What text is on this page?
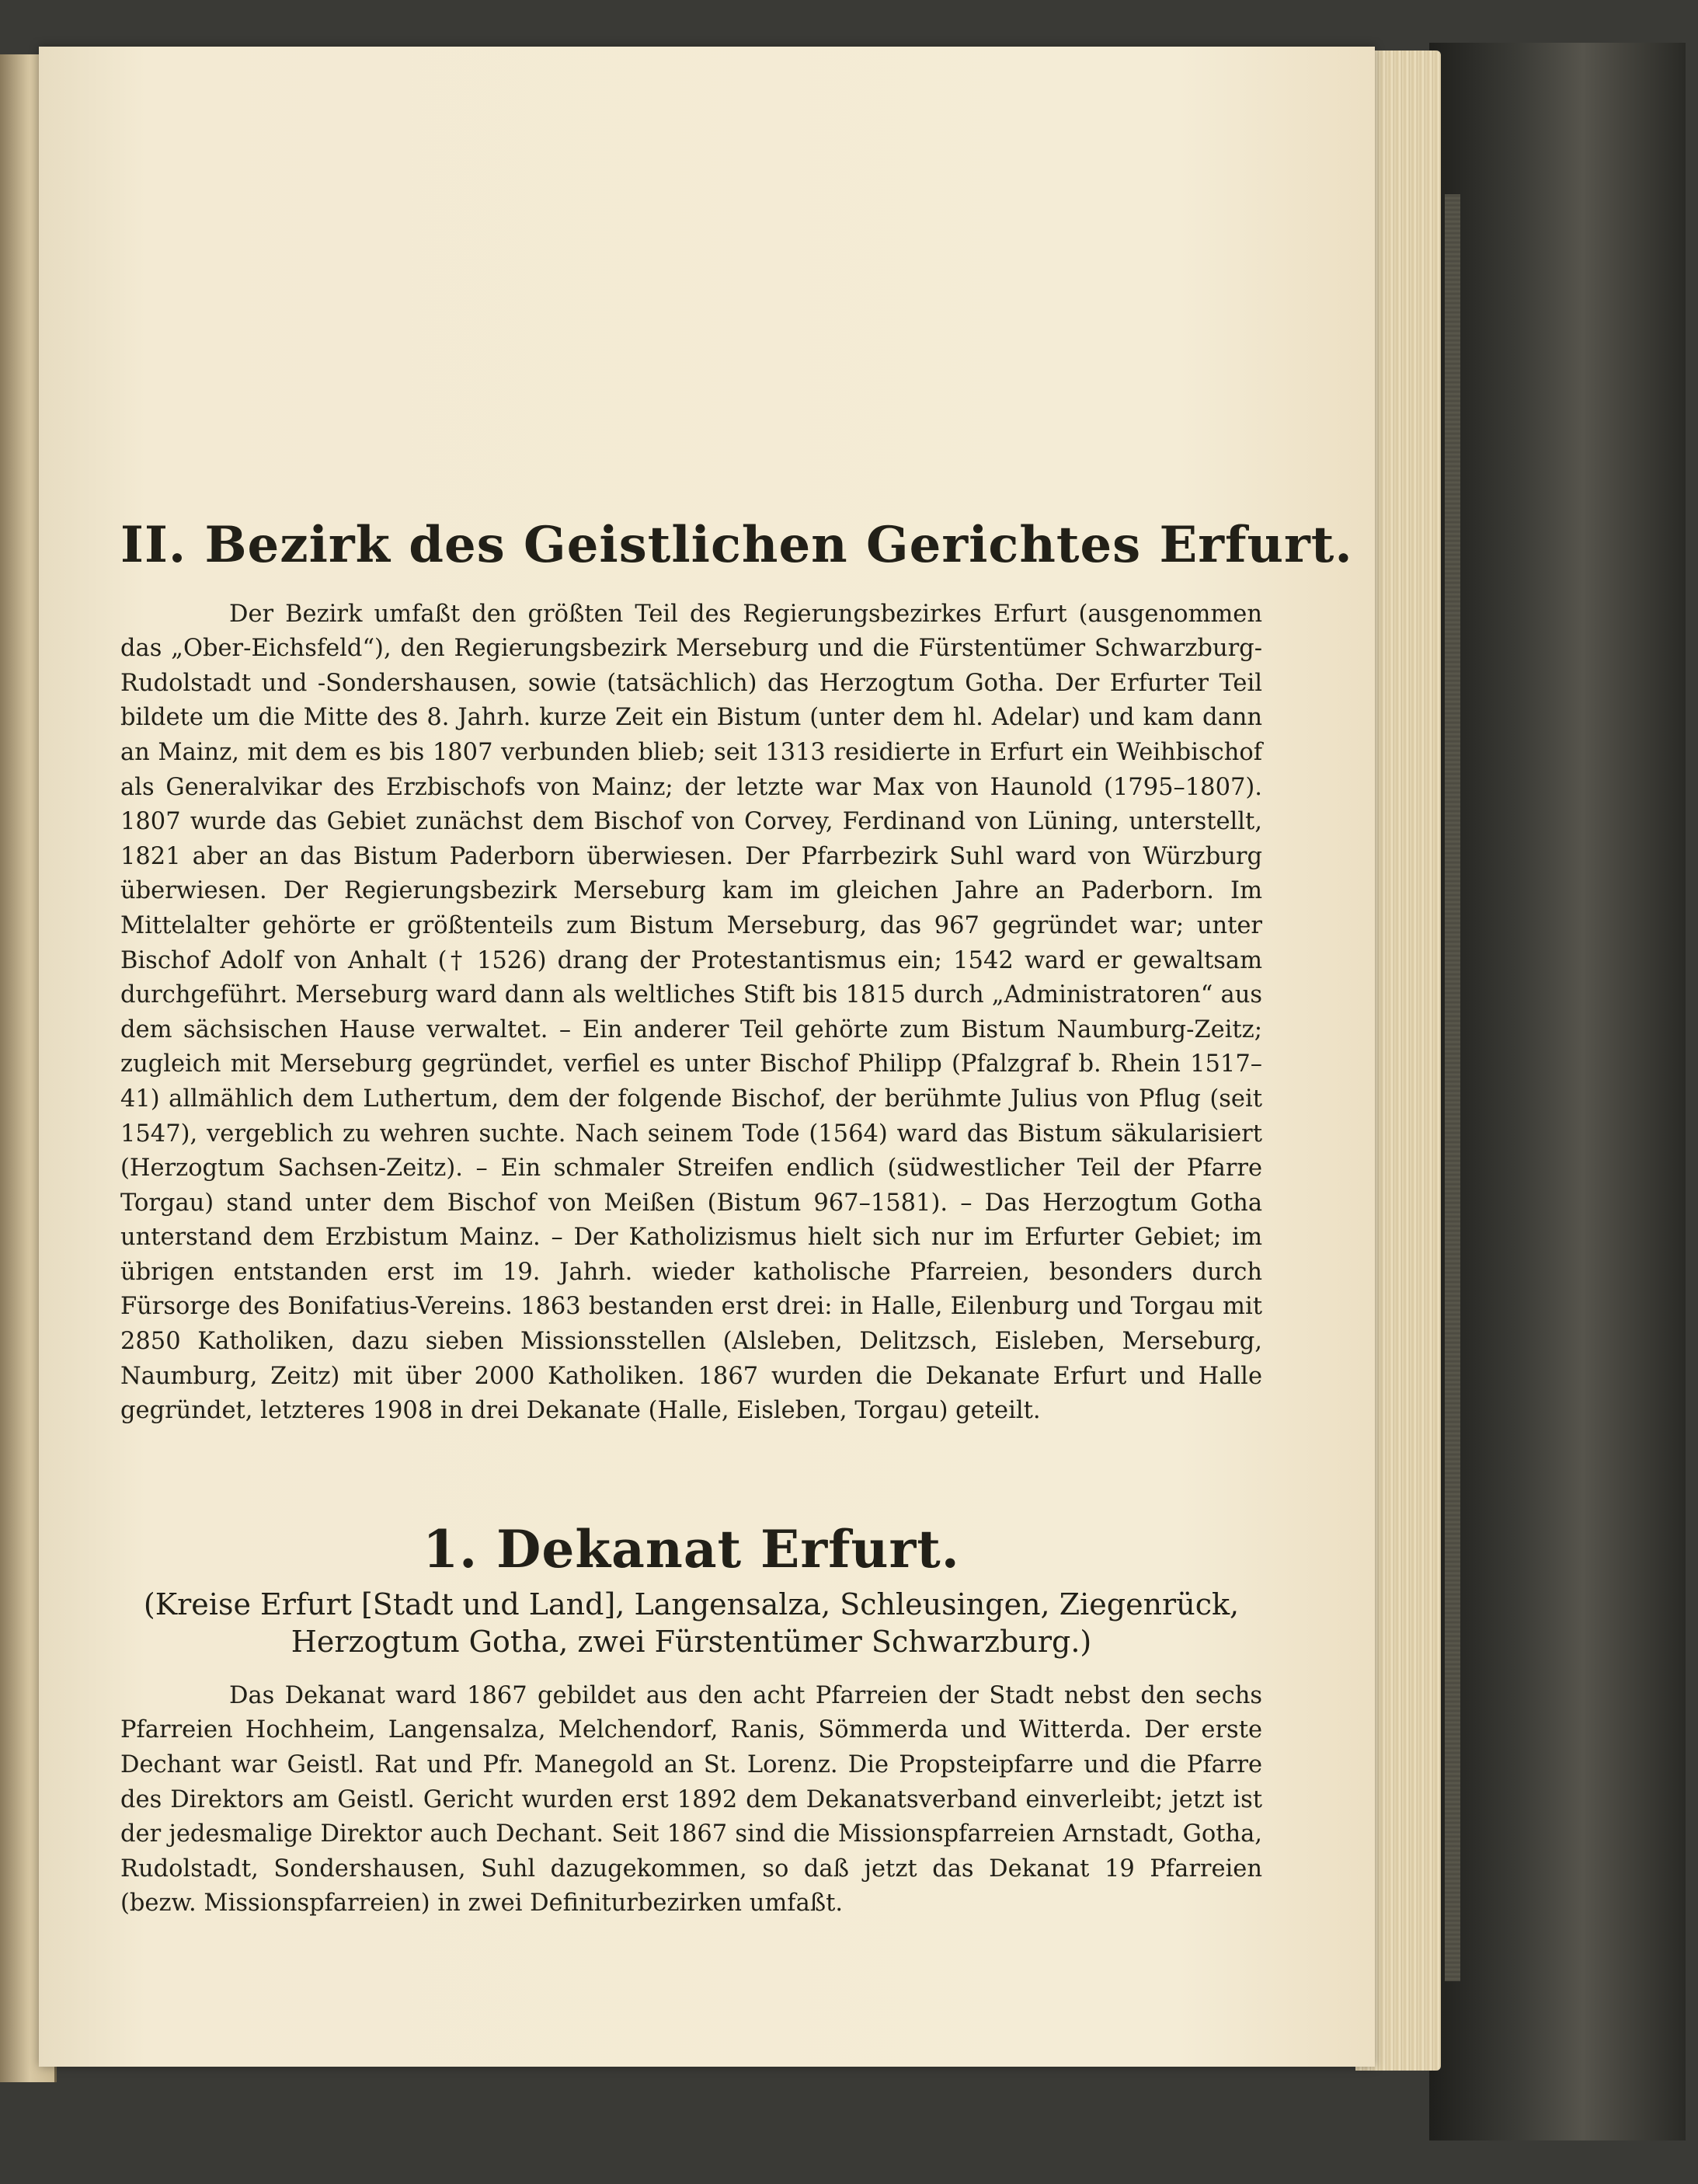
II. Bezirk des Geistlichen Gerichtes Erfurt.

Der Bezirk umfaßt den größten Teil des Regierungsbezirkes Erfurt (ausgenommen das „Ober-Eichsfeld“), den Regierungsbezirk Merseburg und die Fürstentümer Schwarzburg-Rudolstadt und -Sondershausen, sowie (tatsächlich) das Herzogtum Gotha. Der Erfurter Teil bildete um die Mitte des 8. Jahrh. kurze Zeit ein Bistum (unter dem hl. Adelar) und kam dann an Mainz, mit dem es bis 1807 verbunden blieb; seit 1313 residierte in Erfurt ein Weihbischof als Generalvikar des Erzbischofs von Mainz; der letzte war Max von Haunold (1795–1807). 1807 wurde das Gebiet zunächst dem Bischof von Corvey, Ferdinand von Lüning, unterstellt, 1821 aber an das Bistum Paderborn überwiesen. Der Pfarrbezirk Suhl ward von Würzburg überwiesen. Der Regierungsbezirk Merseburg kam im gleichen Jahre an Paderborn. Im Mittelalter gehörte er größtenteils zum Bistum Merseburg, das 967 gegründet war; unter Bischof Adolf von Anhalt († 1526) drang der Protestantismus ein; 1542 ward er gewaltsam durchgeführt. Merseburg ward dann als weltliches Stift bis 1815 durch „Administratoren“ aus dem sächsischen Hause verwaltet. – Ein anderer Teil gehörte zum Bistum Naumburg-Zeitz; zugleich mit Merseburg gegründet, verfiel es unter Bischof Philipp (Pfalzgraf b. Rhein 1517–41) allmählich dem Luthertum, dem der folgende Bischof, der berühmte Julius von Pflug (seit 1547), vergeblich zu wehren suchte. Nach seinem Tode (1564) ward das Bistum säkularisiert (Herzogtum Sachsen-Zeitz). – Ein schmaler Streifen endlich (südwestlicher Teil der Pfarre Torgau) stand unter dem Bischof von Meißen (Bistum 967–1581). – Das Herzogtum Gotha unterstand dem Erzbistum Mainz. – Der Katholizismus hielt sich nur im Erfurter Gebiet; im übrigen entstanden erst im 19. Jahrh. wieder katholische Pfarreien, besonders durch Fürsorge des Bonifatius-Vereins. 1863 bestanden erst drei: in Halle, Eilenburg und Torgau mit 2850 Katholiken, dazu sieben Missionsstellen (Alsleben, Delitzsch, Eisleben, Merseburg, Naumburg, Zeitz) mit über 2000 Katholiken. 1867 wurden die Dekanate Erfurt und Halle gegründet, letzteres 1908 in drei Dekanate (Halle, Eisleben, Torgau) geteilt.

1. Dekanat Erfurt.
(Kreise Erfurt [Stadt und Land], Langensalza, Schleusingen, Ziegenrück, Herzogtum Gotha, zwei Fürstentümer Schwarzburg.)

Das Dekanat ward 1867 gebildet aus den acht Pfarreien der Stadt nebst den sechs Pfarreien Hochheim, Langensalza, Melchendorf, Ranis, Sömmerda und Witterda. Der erste Dechant war Geistl. Rat und Pfr. Manegold an St. Lorenz. Die Propsteipfarre und die Pfarre des Direktors am Geistl. Gericht wurden erst 1892 dem Dekanatsverband einverleibt; jetzt ist der jedesmalige Direktor auch Dechant. Seit 1867 sind die Missionspfarreien Arnstadt, Gotha, Rudolstadt, Sondershausen, Suhl dazugekommen, so daß jetzt das Dekanat 19 Pfarreien (bezw. Missionspfarreien) in zwei Definiturbezirken umfaßt.
